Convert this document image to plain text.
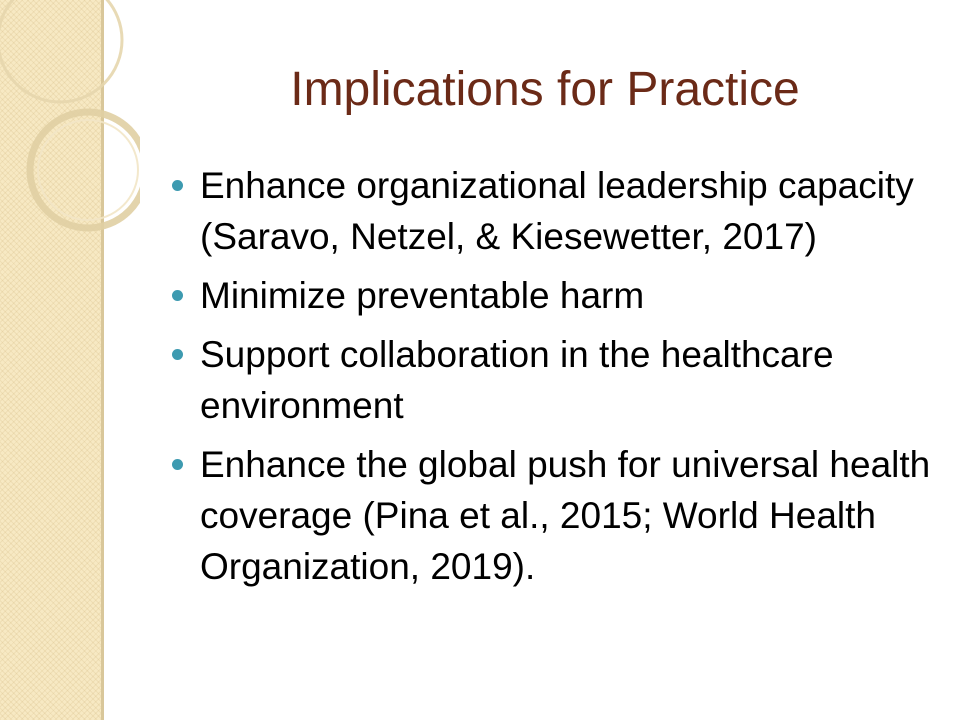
Implications for Practice
Enhance organizational leadership capacity (Saravo, Netzel, & Kiesewetter, 2017)
Minimize preventable harm
Support collaboration in the healthcare environment
Enhance the global push for universal health coverage (Pina et al., 2015; World Health Organization, 2019).
